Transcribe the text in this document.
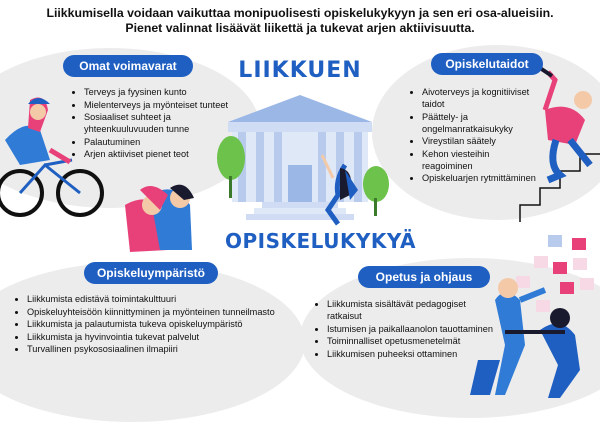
Liikkumisella voidaan vaikuttaa monipuolisesti opiskelukykyyn ja sen eri osa-alueisiin.
Pienet valinnat lisäävät liikettä ja tukevat arjen aktiivisuutta.
LIIKKUEN
OPISKELUKYKYÄ
Omat voimavarat
• Terveys ja fyysinen kunto
• Mielenterveys ja myönteiset tunteet
• Sosiaaliset suhteet ja yhteenkuuluvuuden tunne
• Palautuminen
• Arjen aktiiviset pienet teot
Opiskelutaidot
• Aivoterveys ja kognitiiviset taidot
• Päättely- ja ongelmanratkaisukyky
• Vireystilan säätely
• Kehon viesteihin reagoiminen
• Opiskeluarjen rytmittäminen
Opiskeluympäristö
• Liikkumista edistävä toimintakulttuuri
• Opiskeluyhteisöön kiinnittyminen ja myönteinen tunneilmasto
• Liikkumista ja palautumista tukeva opiskeluympäristö
• Liikkumista ja hyvinvointia tukevat palvelut
• Turvallinen psykososiaalinen ilmapiiri
Opetus ja ohjaus
• Liikkumista sisältävät pedagogiset ratkaisut
• Istumisen ja paikallaanolon tauottaminen
• Toiminnalliset opetusmenetelmät
• Liikkumisen puheeksi ottaminen
